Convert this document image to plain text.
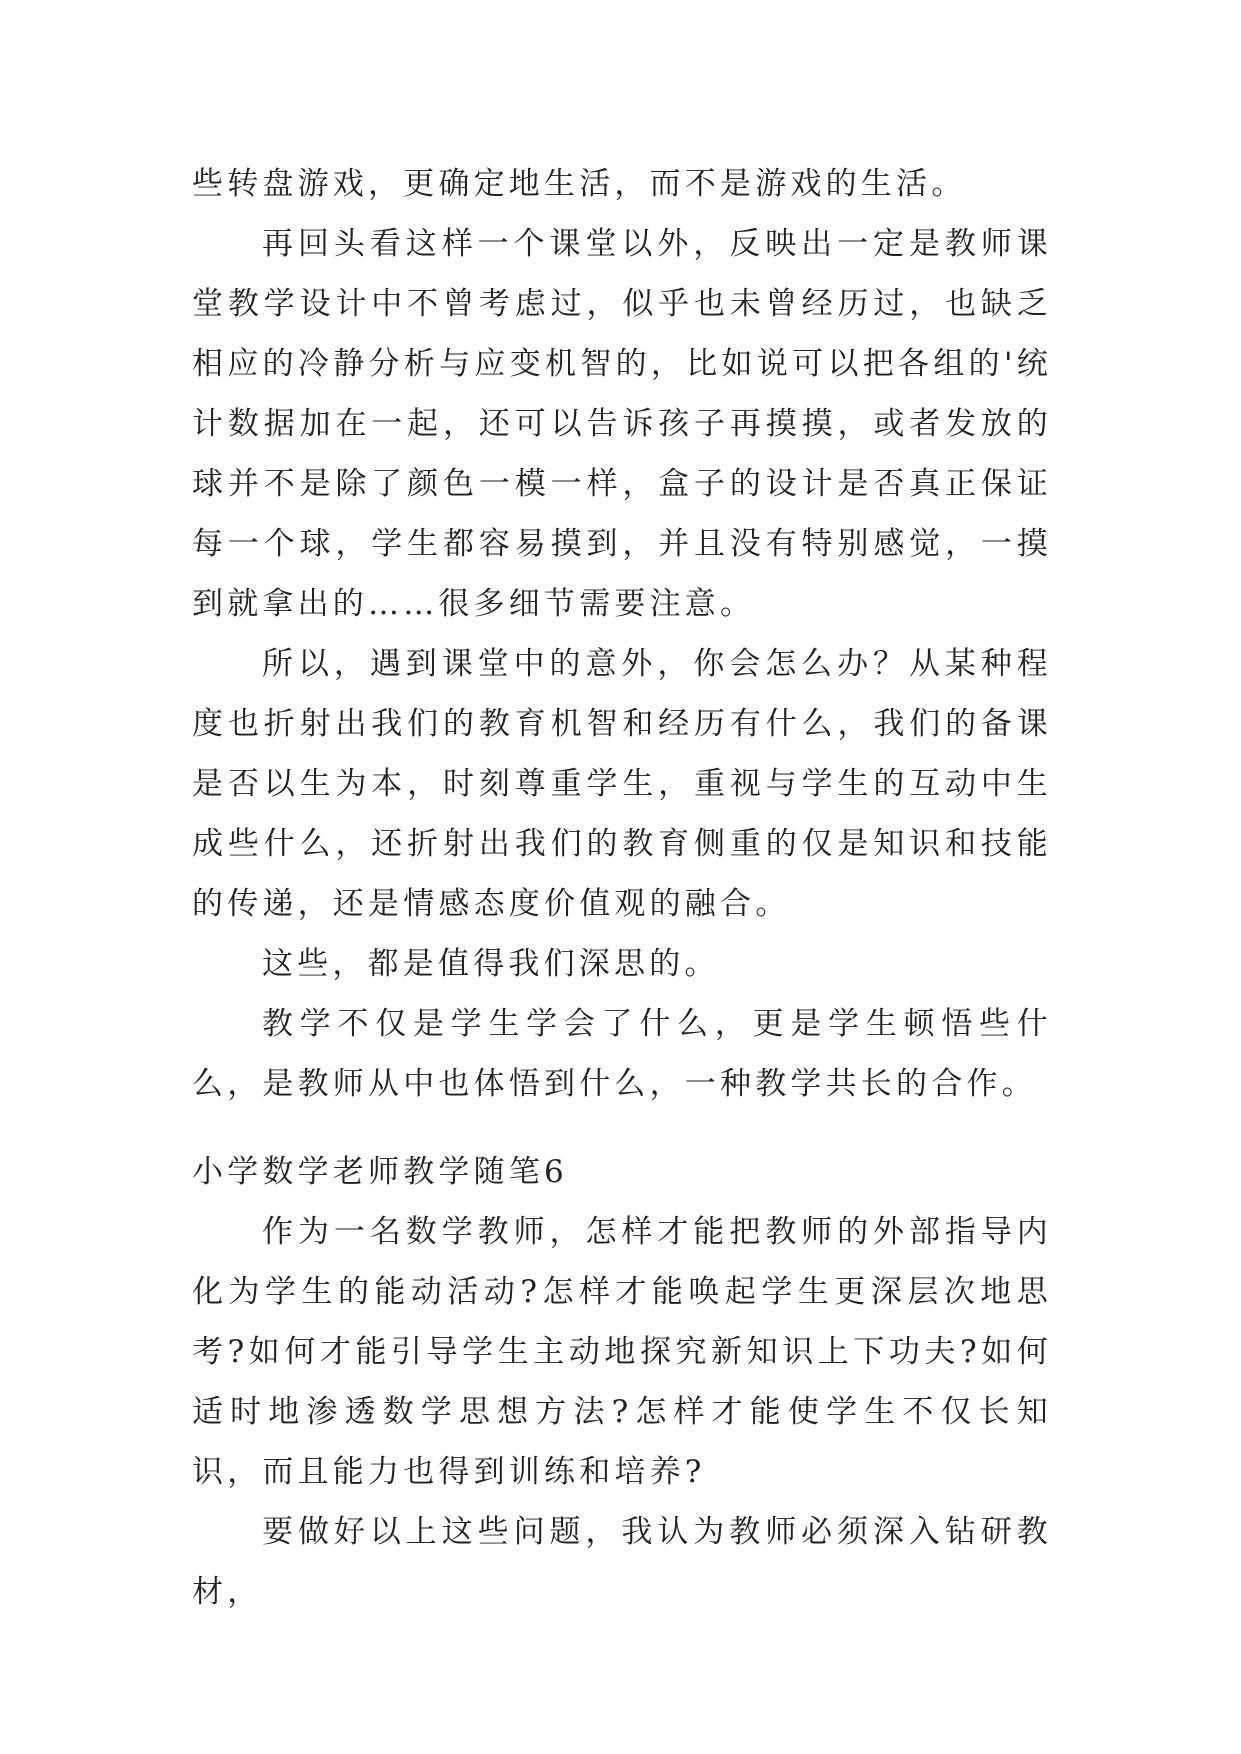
些转盘游戏，更确定地生活，而不是游戏的生活。

再回头看这样一个课堂以外，反映出一定是教师课堂教学设计中不曾考虑过，似乎也未曾经历过，也缺乏相应的冷静分析与应变机智的，比如说可以把各组的'统计数据加在一起，还可以告诉孩子再摸摸，或者发放的球并不是除了颜色一模一样，盒子的设计是否真正保证每一个球，学生都容易摸到，并且没有特别感觉，一摸到就拿出的……很多细节需要注意。

所以，遇到课堂中的意外，你会怎么办？从某种程度也折射出我们的教育机智和经历有什么，我们的备课是否以生为本，时刻尊重学生，重视与学生的互动中生成些什么，还折射出我们的教育侧重的仅是知识和技能的传递，还是情感态度价值观的融合。

这些，都是值得我们深思的。

教学不仅是学生学会了什么，更是学生顿悟些什么，是教师从中也体悟到什么，一种教学共长的合作。

小学数学老师教学随笔6

作为一名数学教师，怎样才能把教师的外部指导内化为学生的能动活动?怎样才能唤起学生更深层次地思考?如何才能引导学生主动地探究新知识上下功夫?如何适时地渗透数学思想方法?怎样才能使学生不仅长知识，而且能力也得到训练和培养?

要做好以上这些问题，我认为教师必须深入钻研教材，
